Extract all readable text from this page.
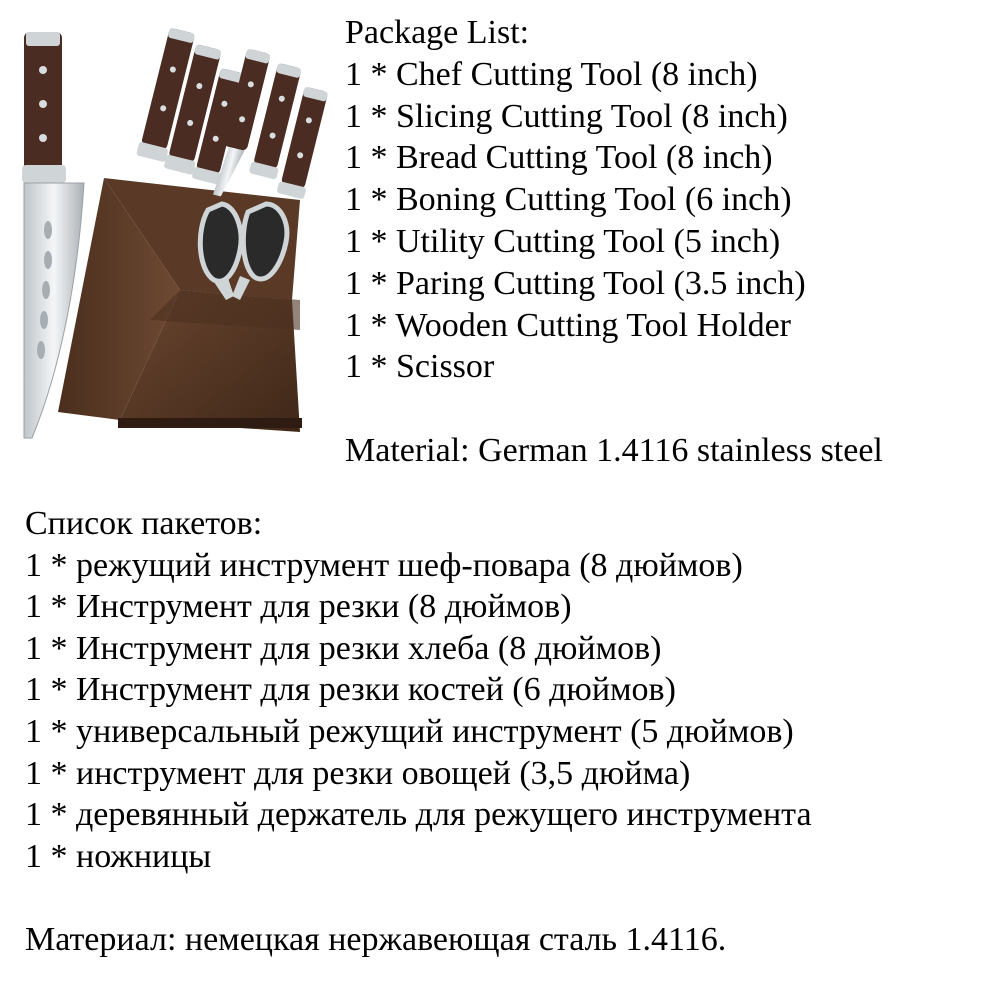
Package List:

1 * Chef Cutting Tool (8 inch)

1 * Slicing Cutting Tool (8 inch)

1 * Bread Cutting Tool (8 inch)

1 * Boning Cutting Tool (6 inch)

1 * Utility Cutting Tool (5 inch)

1 * Paring Cutting Tool (3.5 inch)

1 * Wooden Cutting Tool Holder

1 * Scissor

Material: German 1.4116 stainless steel

Список пакетов:

1 * режущий инструмент шеф-повара (8 дюймов)

1 * Инструмент для резки (8 дюймов)

1 * Инструмент для резки хлеба (8 дюймов)

1 * Инструмент для резки костей (6 дюймов)

1 * универсальный режущий инструмент (5 дюймов)

1 * инструмент для резки овощей (3,5 дюйма)

1 * деревянный держатель для режущего инструмента

1 * ножницы

Материал: немецкая нержавеющая сталь 1.4116.
